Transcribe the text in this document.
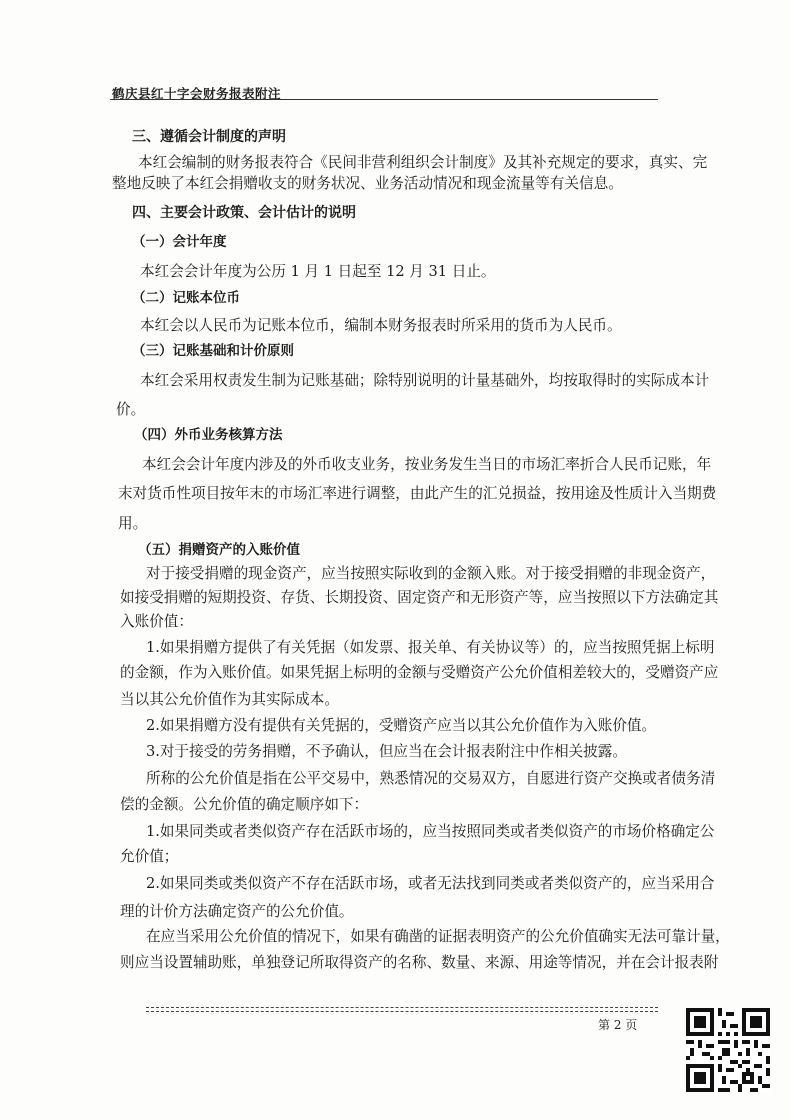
鹤庆县红十字会财务报表附注
三、遵循会计制度的声明
本红会编制的财务报表符合《民间非营利组织会计制度》及其补充规定的要求，真实、完
整地反映了本红会捐赠收支的财务状况、业务活动情况和现金流量等有关信息。
四、主要会计政策、会计估计的说明
（一）会计年度
本红会会计年度为公历 1 月 1 日起至 12 月 31 日止。
（二）记账本位币
本红会以人民币为记账本位币，编制本财务报表时所采用的货币为人民币。
（三）记账基础和计价原则
本红会采用权责发生制为记账基础；除特别说明的计量基础外，均按取得时的实际成本计
价。
（四）外币业务核算方法
本红会会计年度内涉及的外币收支业务，按业务发生当日的市场汇率折合人民币记账，年
末对货币性项目按年末的市场汇率进行调整，由此产生的汇兑损益，按用途及性质计入当期费
用。
（五）捐赠资产的入账价值
对于接受捐赠的现金资产，应当按照实际收到的金额入账。对于接受捐赠的非现金资产，
如接受捐赠的短期投资、存货、长期投资、固定资产和无形资产等，应当按照以下方法确定其
入账价值：
1.如果捐赠方提供了有关凭据（如发票、报关单、有关协议等）的，应当按照凭据上标明
的金额，作为入账价值。如果凭据上标明的金额与受赠资产公允价值相差较大的，受赠资产应
当以其公允价值作为其实际成本。
2.如果捐赠方没有提供有关凭据的，受赠资产应当以其公允价值作为入账价值。
3.对于接受的劳务捐赠，不予确认，但应当在会计报表附注中作相关披露。
所称的公允价值是指在公平交易中，熟悉情况的交易双方，自愿进行资产交换或者债务清
偿的金额。公允价值的确定顺序如下：
1.如果同类或者类似资产存在活跃市场的，应当按照同类或者类似资产的市场价格确定公
允价值；
2.如果同类或类似资产不存在活跃市场，或者无法找到同类或者类似资产的，应当采用合
理的计价方法确定资产的公允价值。
在应当采用公允价值的情况下，如果有确凿的证据表明资产的公允价值确实无法可靠计量，
则应当设置辅助账，单独登记所取得资产的名称、数量、来源、用途等情况，并在会计报表附
第 2 页
